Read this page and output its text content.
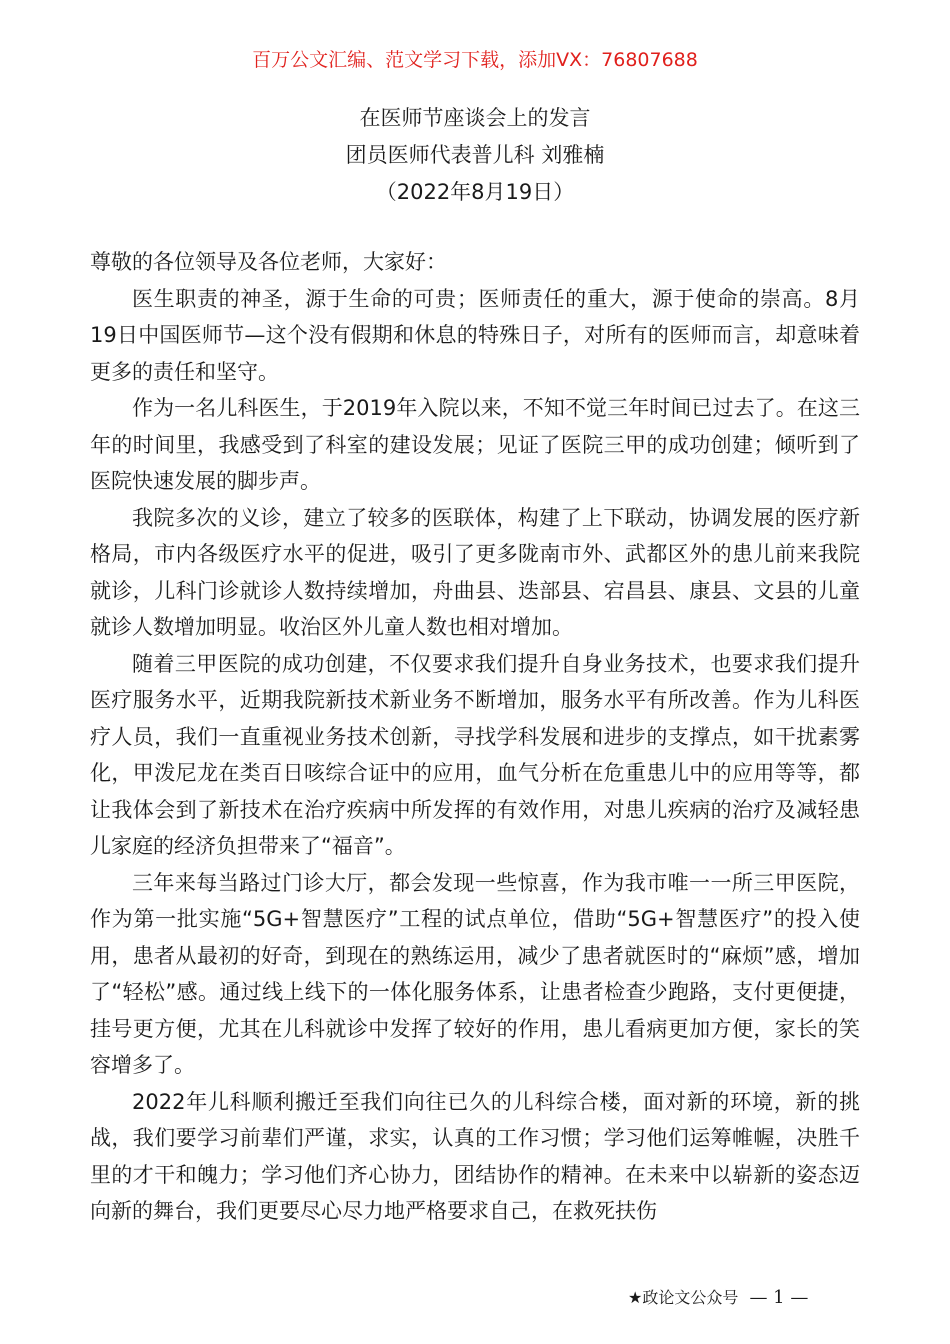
百万公文汇编、范文学习下载，添加VX：76807688
在医师节座谈会上的发言
团员医师代表普儿科 刘雅楠
（2022年8月19日）

尊敬的各位领导及各位老师，大家好：

医生职责的神圣，源于生命的可贵；医师责任的重大，源于使命的崇高。8月19日中国医师节—这个没有假期和休息的特殊日子，对所有的医师而言，却意味着更多的责任和坚守。

作为一名儿科医生，于2019年入院以来，不知不觉三年时间已过去了。在这三年的时间里，我感受到了科室的建设发展；见证了医院三甲的成功创建；倾听到了医院快速发展的脚步声。

我院多次的义诊，建立了较多的医联体，构建了上下联动，协调发展的医疗新格局，市内各级医疗水平的促进，吸引了更多陇南市外、武都区外的患儿前来我院就诊，儿科门诊就诊人数持续增加，舟曲县、迭部县、宕昌县、康县、文县的儿童就诊人数增加明显。收治区外儿童人数也相对增加。

随着三甲医院的成功创建，不仅要求我们提升自身业务技术，也要求我们提升医疗服务水平，近期我院新技术新业务不断增加，服务水平有所改善。作为儿科医疗人员，我们一直重视业务技术创新，寻找学科发展和进步的支撑点，如干扰素雾化，甲泼尼龙在类百日咳综合证中的应用，血气分析在危重患儿中的应用等等，都让我体会到了新技术在治疗疾病中所发挥的有效作用，对患儿疾病的治疗及减轻患儿家庭的经济负担带来了“福音”。

三年来每当路过门诊大厅，都会发现一些惊喜，作为我市唯一一所三甲医院，作为第一批实施“5G+智慧医疗”工程的试点单位，借助“5G+智慧医疗”的投入使用，患者从最初的好奇，到现在的熟练运用，减少了患者就医时的“麻烦”感，增加了“轻松”感。通过线上线下的一体化服务体系，让患者检查少跑路，支付更便捷，挂号更方便，尤其在儿科就诊中发挥了较好的作用，患儿看病更加方便，家长的笑容增多了。

2022年儿科顺利搬迁至我们向往已久的儿科综合楼，面对新的环境，新的挑战，我们要学习前辈们严谨，求实，认真的工作习惯；学习他们运筹帷幄，决胜千里的才干和魄力；学习他们齐心协力，团结协作的精神。在未来中以崭新的姿态迈向新的舞台，我们更要尽心尽力地严格要求自己，在救死扶伤

★政论文公众号 — 1 —
